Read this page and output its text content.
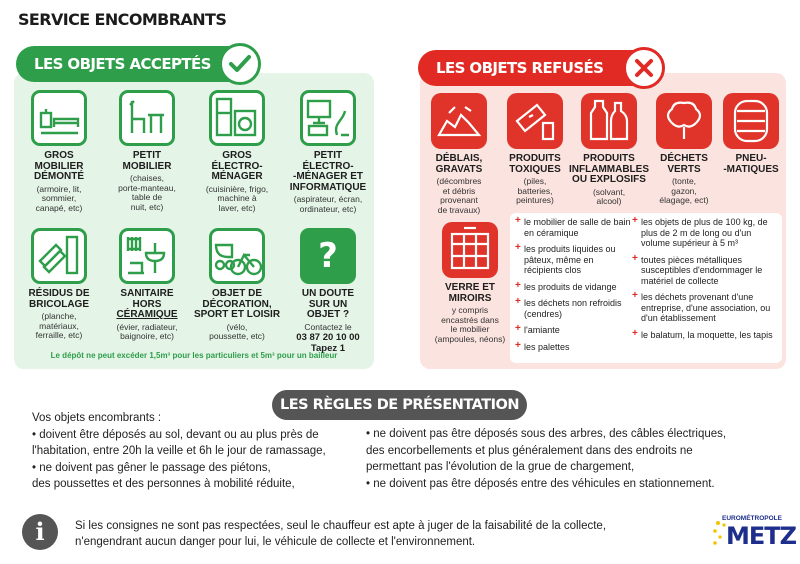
SERVICE ENCOMBRANTS
LES OBJETS ACCEPTÉS
GROS
MOBILIER
DÉMONTÉ
(armoire, lit,
sommier,
canapé, etc)
PETIT
MOBILIER
(chaises,
porte-manteau,
table de
nuit, etc)
GROS
ÉLECTRO-
MÉNAGER
(cuisinière, frigo,
machine à
laver, etc)
PETIT
ÉLECTRO-
-MÉNAGER ET
INFORMATIQUE
(aspirateur, écran,
ordinateur, etc)
RÉSIDUS DE
BRICOLAGE
(planche,
matériaux,
ferraille, etc)
SANITAIRE
HORS
CÉRAMIQUE
(évier, radiateur,
baignoire, etc)
OBJET DE
DÉCORATION,
SPORT ET LOISIR
(vélo,
poussette, etc)
?
UN DOUTE
SUR UN
OBJET ?
Contactez le
03 87 20 10 00
Tapez 1
Le dépôt ne peut excéder 1,5m³ pour les particuliers et 5m³ pour un bailleur
LES OBJETS REFUSÉS
DÉBLAIS,
GRAVATS
(décombres
et débris
provenant
de travaux)
PRODUITS
TOXIQUES
(piles,
batteries,
peintures)
PRODUITS
INFLAMMABLES
OU EXPLOSIFS
(solvant,
alcool)
DÉCHETS
VERTS
(tonte,
gazon,
élagage, ect)
PNEU-
-MATIQUES
VERRE ET
MIROIRS
y compris
encastrés dans
le mobilier
(ampoules, néons)
+ le mobilier de salle de bain en céramique
+ les produits liquides ou pâteux, même en récipients clos
+ les produits de vidange
+ les déchets non refroidis (cendres)
+ l'amiante
+ les palettes
+ les objets de plus de 100 kg, de plus de 2 m de long ou d'un volume supérieur à 5 m³
+ toutes pièces métalliques susceptibles d'endommager le matériel de collecte
+ les déchets provenant d'une entreprise, d'une association, ou d'un établissement
+ le balatum, la moquette, les tapis
LES RÈGLES DE PRÉSENTATION

Vos objets encombrants :

• doivent être déposés au sol, devant ou au plus près de

l'habitation, entre 20h la veille et 6h le jour de ramassage,

• ne doivent pas gêner le passage des piétons,

des poussettes et des personnes à mobilité réduite,

• ne doivent pas être déposés sous des arbres, des câbles électriques,

des encorbellements et plus généralement dans des endroits ne

permettant pas l'évolution de la grue de chargement,

• ne doivent pas être déposés entre des véhicules en stationnement.

i	Si les consignes ne sont pas respectées, seul le chauffeur est apte à juger de la faisabilité de la collecte,
n'engendrant aucun danger pour lui, le véhicule de collecte et l'environnement.
EUROMÉTROPOLE
METZ
